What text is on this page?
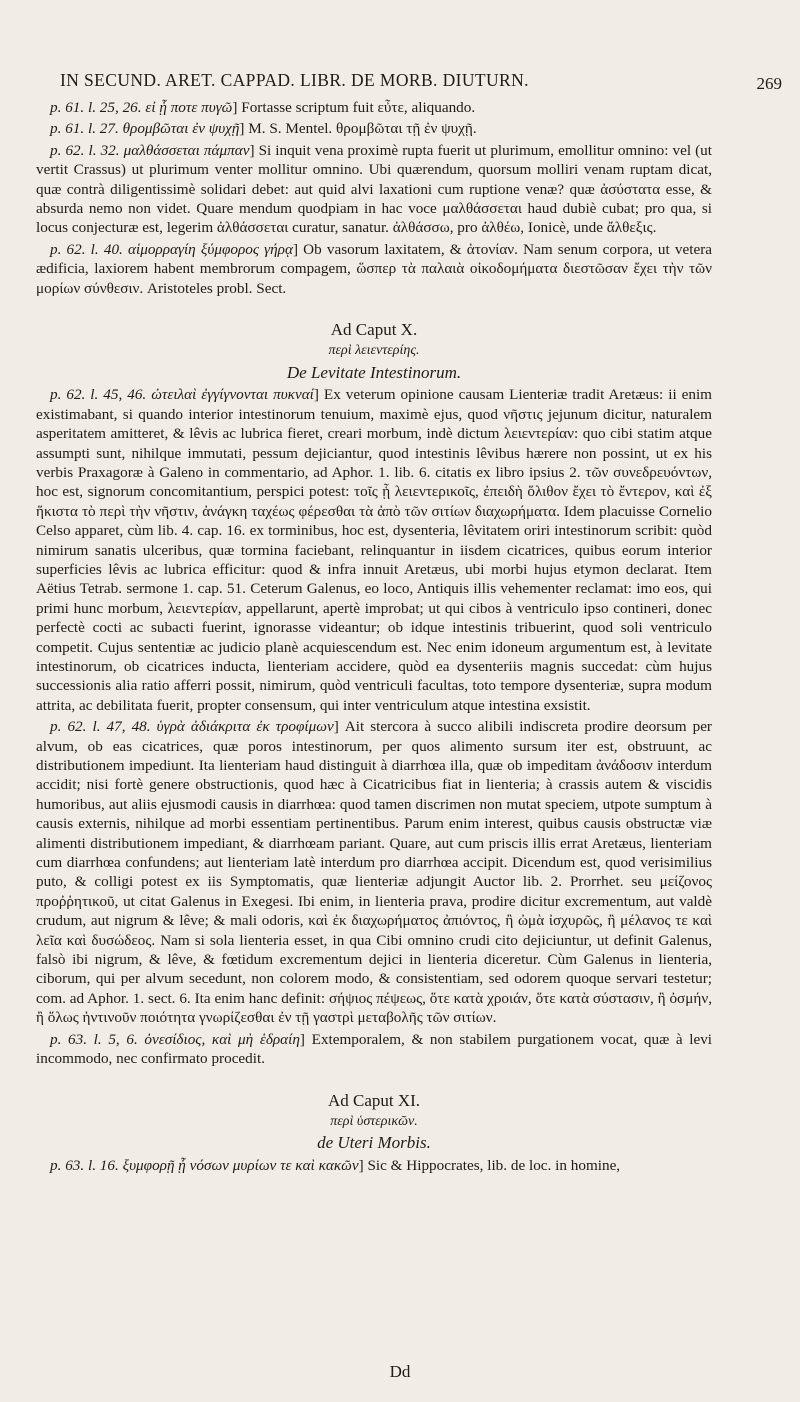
IN SECUND. ARET. CAPPAD. LIBR. DE MORB. DIUTURN.	269

p. 61. l. 25, 26. εἰ ᾗ ποτε πυγῶ] Fortasse scriptum fuit εὖτε, aliquando.

p. 61. l. 27. θρομβῶται ἐν ψυχῇ] M. S. Mentel. θρομβῶται τῇ ἐν ψυχῇ.

p. 62. l. 32. μαλθάσσεται πάμπαν] Si inquit vena proximè rupta fuerit ut plurimum, emollitur omnino: vel (ut vertit Crassus) ut plurimum venter mollitur omnino. Ubi quærendum, quorsum molliri venam ruptam dicat, quæ contrà diligentissimè solidari debet: aut quid alvi laxationi cum ruptione venæ? quæ ἀσύστατα esse, & absurda nemo non videt. Quare mendum quodpiam in hac voce μαλθάσσεται haud dubiè cubat; pro qua, si locus conjecturæ est, legerim ἀλθάσσεται curatur, sanatur. ἀλθάσσω, pro ἀλθέω, Ionicè, unde ἄλθεξις.

p. 62. l. 40. αἱμορραγίη ξύμφορος γήρᾳ] Ob vasorum laxitatem, & ἀτονίαν. Nam senum corpora, ut vetera ædificia, laxiorem habent membrorum compagem, ὥσπερ τὰ παλαιὰ οἰκοδομήματα διεστῶσαν ἔχει τὴν τῶν μορίων σύνθεσιν. Aristoteles probl. Sect.

Ad Caput X.
περὶ λειεντερίης.
De Levitate Intestinorum.

p. 62. l. 45, 46. ὠτειλαὶ ἐγγίγνονται πυκναί] Ex veterum opinione causam Lienteriæ tradit Aretæus: ii enim existimabant, si quando interior intestinorum tenuium, maximè ejus, quod νῆστις jejunum dicitur, naturalem asperitatem amitteret, & lêvis ac lubrica fieret, creari morbum, indè dictum λειεντερίαν: quo cibi statim atque assumpti sunt, nihilque immutati, pessum dejiciantur, quod intestinis lêvibus hærere non possint, ut ex his verbis Praxagoræ à Galeno in commentario, ad Aphor. 1. lib. 6. citatis ex libro ipsius 2. τῶν συνεδρευόντων, hoc est, signorum concomitantium, perspici potest: τοῖς ᾗ λειεντερικοῖς, ἐπειδὴ ὅλιθον ἔχει τὸ ἔντερον, καὶ ἐξ ἥκιστα τὸ περὶ τὴν νῆστιν, ἀνάγκη ταχέως φέρεσθαι τὰ ἀπὸ τῶν σιτίων διαχωρήματα. Idem placuisse Cornelio Celso apparet, cùm lib. 4. cap. 16. ex torminibus, hoc est, dysenteria, lêvitatem oriri intestinorum scribit: quòd nimirum sanatis ulceribus, quæ tormina faciebant, relinquantur in iisdem cicatrices, quibus eorum interior superficies lêvis ac lubrica efficitur: quod & infra innuit Aretæus, ubi morbi hujus etymon declarat. Item Aëtius Tetrab. sermone 1. cap. 51. Ceterum Galenus, eo loco, Antiquis illis vehementer reclamat: imo eos, qui primi hunc morbum, λειεντερίαν, appellarunt, apertè improbat; ut qui cibos à ventriculo ipso contineri, donec perfectè cocti ac subacti fuerint, ignorasse videantur; ob idque intestinis tribuerint, quod soli ventriculo competit. Cujus sententiæ ac judicio planè acquiescendum est. Nec enim idoneum argumentum est, à levitate intestinorum, ob cicatrices inducta, lienteriam accidere, quòd ea dysenteriis magnis succedat: cùm hujus successionis alia ratio afferri possit, nimirum, quòd ventriculi facultas, toto tempore dysenteriæ, supra modum attrita, ac debilitata fuerit, propter consensum, qui inter ventriculum atque intestina exsistit.

p. 62. l. 47, 48. ὑγρὰ ἀδιάκριτα ἐκ τροφίμων] Ait stercora à succo alibili indiscreta prodire deorsum per alvum, ob eas cicatrices, quæ poros intestinorum, per quos alimento sursum iter est, obstruunt, ac distributionem impediunt. Ita lienteriam haud distinguit à diarrhœa illa, quæ ob impeditam ἀνάδοσιν interdum accidit; nisi fortè genere obstructionis, quod hæc à Cicatricibus fiat in lienteria; à crassis autem & viscidis humoribus, aut aliis ejusmodi causis in diarrhœa: quod tamen discrimen non mutat speciem, utpote sumptum à causis externis, nihilque ad morbi essentiam pertinentibus. Parum enim interest, quibus causis obstructæ viæ alimenti distributionem impediant, & diarrhœam pariant. Quare, aut cum priscis illis errat Aretæus, lienteriam cum diarrhœa confundens; aut lienteriam latè interdum pro diarrhœa accipit. Dicendum est, quod verisimilius puto, & colligi potest ex iis Symptomatis, quæ lienteriæ adjungit Auctor lib. 2. Prorrhet. seu μείζονος προῤῥητικοῦ, ut citat Galenus in Exegesi. Ibi enim, in lienteria prava, prodire dicitur excrementum, aut valdè crudum, aut nigrum & lêve; & mali odoris, καὶ ἐκ διαχωρήματος ἀπιόντος, ἢ ὠμὰ ἰσχυρῶς, ἢ μέλανος τε καὶ λεῖα καὶ δυσώδεος. Nam si sola lienteria esset, in qua Cibi omnino crudi cito dejiciuntur, ut definit Galenus, falsò ibi nigrum, & lêve, & fœtidum excrementum dejici in lienteria diceretur. Cùm Galenus in lienteria, ciborum, qui per alvum secedunt, non colorem modo, & consistentiam, sed odorem quoque servari testetur; com. ad Aphor. 1. sect. 6. Ita enim hanc definit: σήψιος πέψεως, ὅτε κατὰ χροιάν, ὅτε κατὰ σύστασιν, ἢ ὀσμήν, ἢ ὅλως ἡντινοῦν ποιότητα γνωρίζεσθαι ἐν τῇ γαστρὶ μεταβολῆς τῶν σιτίων.

p. 63. l. 5, 6. ὀνεσίδιος, καὶ μὴ ἑδραίη] Extemporalem, & non stabilem purgationem vocat, quæ à levi incommodo, nec confirmato procedit.

Ad Caput XI.
περὶ ὑστερικῶν.
de Uteri Morbis.

p. 63. l. 16. ξυμφορῇ ᾗ νόσων μυρίων τε καὶ κακῶν] Sic & Hippocrates, lib. de loc. in homine,

Dd
